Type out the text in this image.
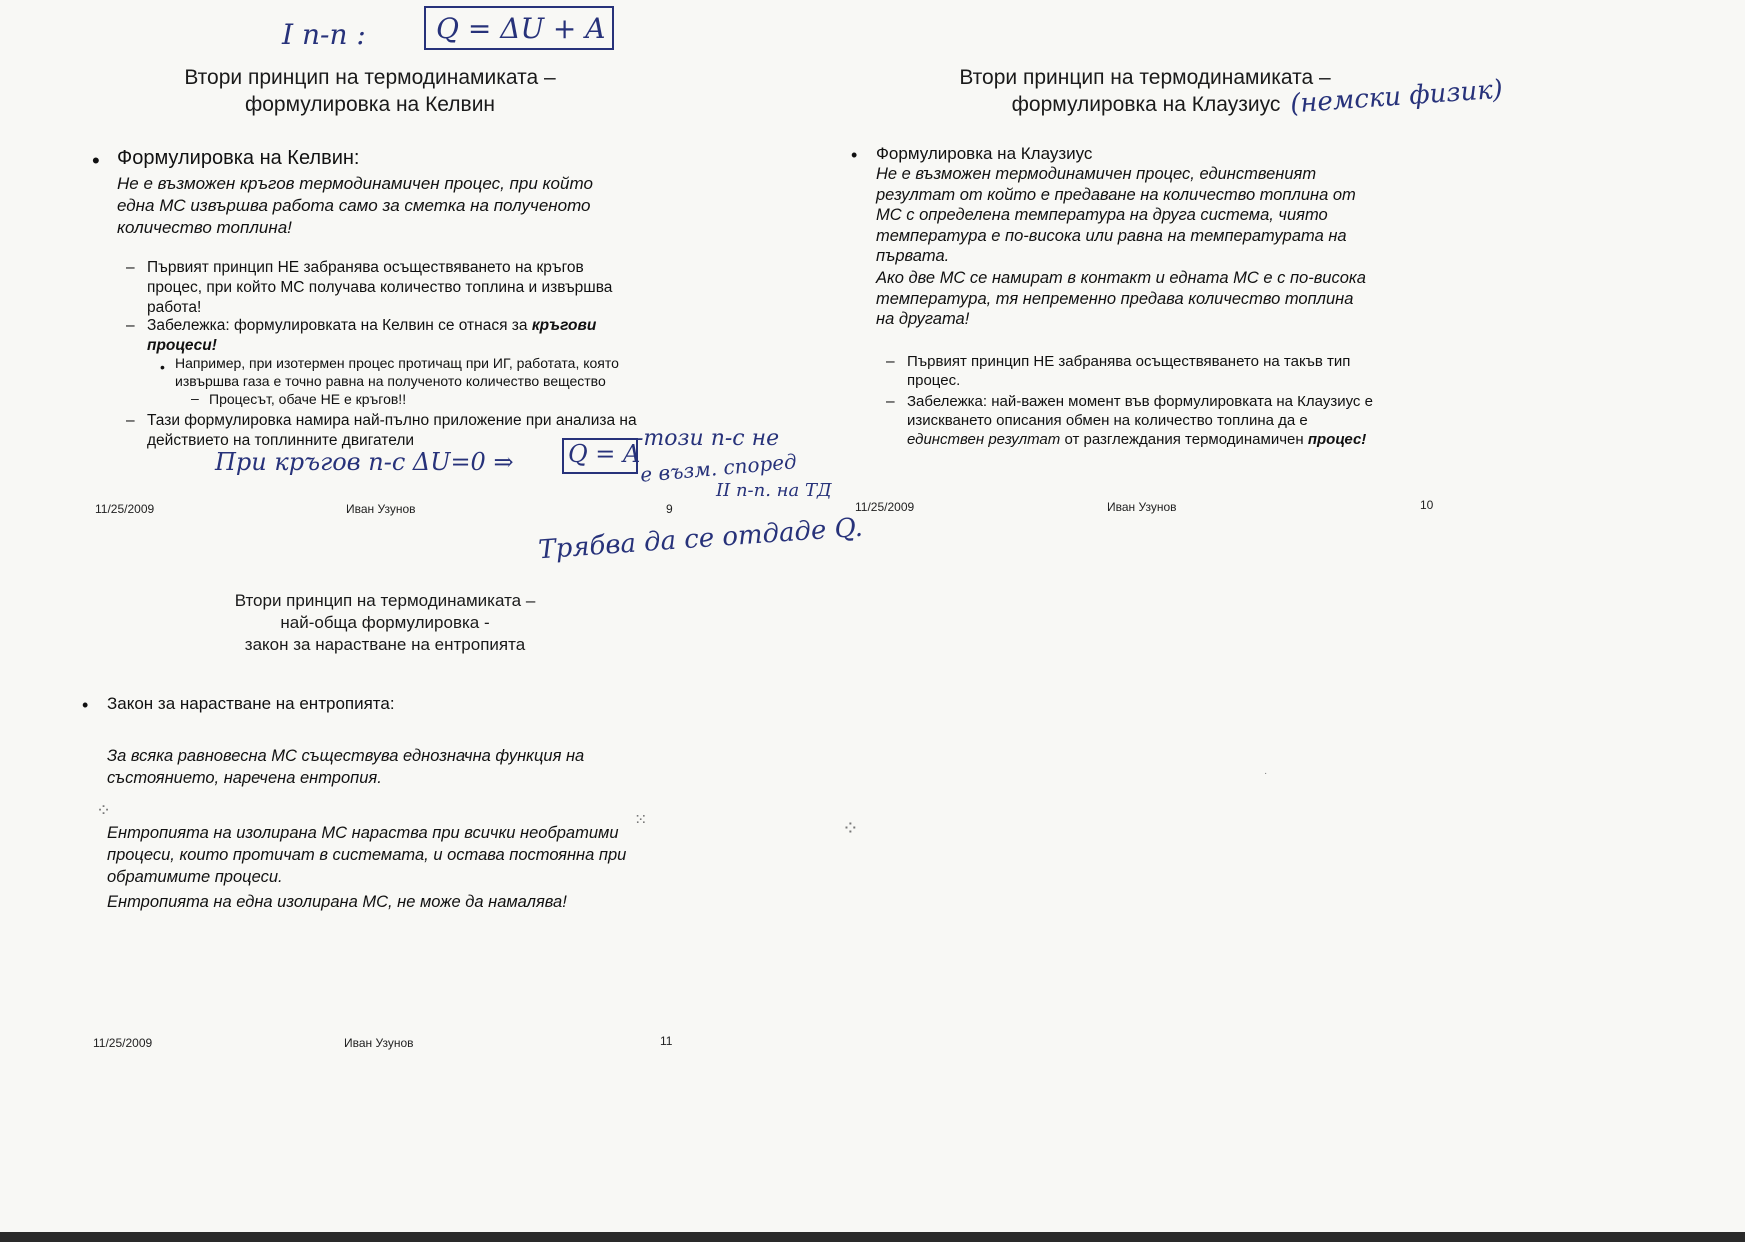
I п-п :	Q = ΔU + A
Втори принцип на термодинамиката –
формулировка на Келвин
• Формулировка на Келвин:
Не е възможен кръгов термодинамичен процес, при който
една МС извършва работа само за сметка на полученото
количество топлина!
– Първият принцип НЕ забранява осъществяването на кръгов
процес, при който МС получава количество топлина и извършва
работа!
– Забележка: формулировката на Келвин се отнася за кръгови
процеси!
• Например, при изотермен процес протичащ при ИГ, работата, която
извършва газа е точно равна на полученото количество вещество
– Процесът, обаче НЕ е кръгов!!
– Тази формулировка намира най-пълно приложение при анализа на
действието на топлинните двигатели
При кръгов п-с ΔU=0 ⇒ Q = A
-този п-с не
е възм. според
II п-п. на ТД
Трябва да се отдаде Q.
11/25/2009	Иван Узунов	9
Втори принцип на термодинамиката –
формулировка на Клаузиус (немски физик)
• Формулировка на Клаузиус
Не е възможен термодинамичен процес, единственият
резултат от който е предаване на количество топлина от
МС с определена температура на друга система, чиято
температура е по-висока или равна на температурата на
първата.
Ако две МС се намират в контакт и едната МС е с по-висока
температура, тя непременно предава количество топлина
на другата!
– Първият принцип НЕ забранява осъществяването на такъв тип
процес.
– Забележка: най-важен момент във формулировката на Клаузиус е
изискването описания обмен на количество топлина да е
единствен резултат от разглеждания термодинамичен процес!
11/25/2009	Иван Узунов	10
Втори принцип на термодинамиката –
най-обща формулировка -
закон за нарастване на ентропията
• Закон за нарастване на ентропията:
За всяка равновесна МС съществува еднозначна функция на
състоянието, наречена ентропия.
Ентропията на изолирана МС нараства при всички необратими
процеси, които протичат в системата, и остава постоянна при
обратимите процеси.
Ентропията на една изолирана МС, не може да намалява!
11/25/2009	Иван Узунов	11
⁘
⁙	⁘
·
